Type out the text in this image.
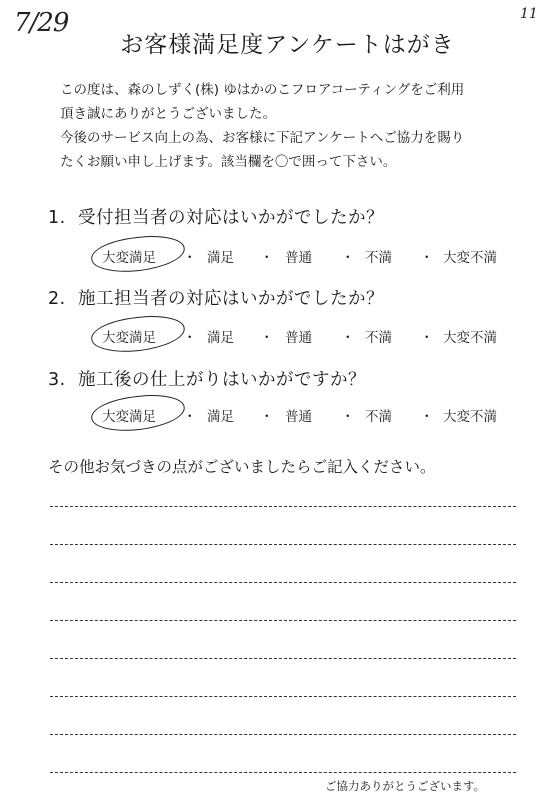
7/29	11
お客様満足度アンケートはがき
この度は、森のしずく(株) ゆはかのこフロアコーティングをご利用
頂き誠にありがとうございました。
今後のサービス向上の為、お客様に下記アンケートへご協力を賜り
たくお願い申し上げます。該当欄を〇で囲って下さい。
1. 受付担当者の対応はいかがでしたか？
大変満足 ・ 満足 ・ 普通 ・ 不満 ・ 大変不満
2. 施工担当者の対応はいかがでしたか？
大変満足 ・ 満足 ・ 普通 ・ 不満 ・ 大変不満
3. 施工後の仕上がりはいかがですか？
大変満足 ・ 満足 ・ 普通 ・ 不満 ・ 大変不満
その他お気づきの点がございましたらご記入ください。
ご協力ありがとうございます。
